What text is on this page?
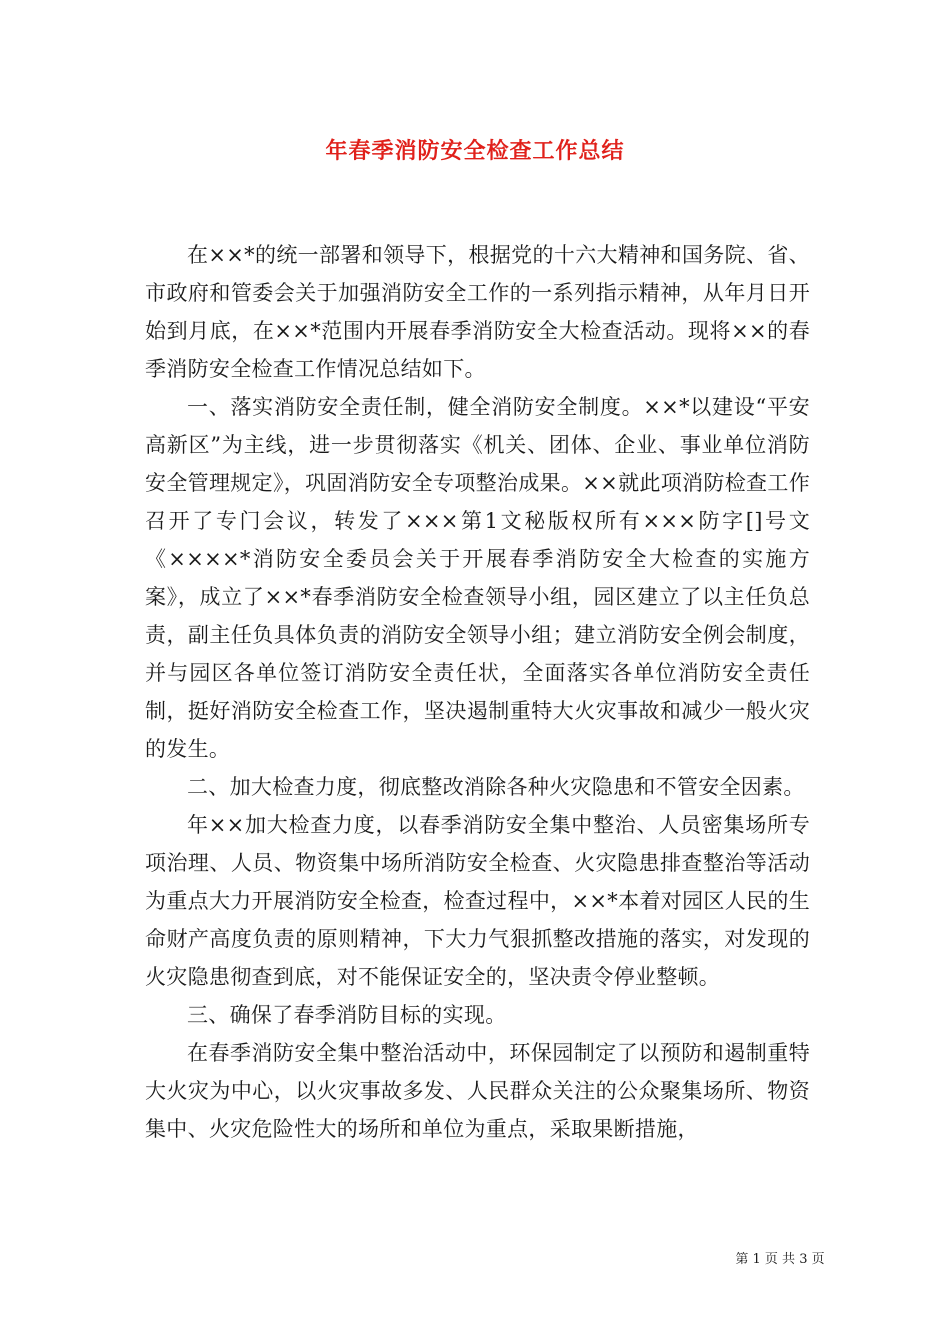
年春季消防安全检查工作总结

在××*的统一部署和领导下，根据党的十六大精神和国务院、省、市政府和管委会关于加强消防安全工作的一系列指示精神，从年月日开始到月底，在××*范围内开展春季消防安全大检查活动。现将××的春季消防安全检查工作情况总结如下。

一、落实消防安全责任制，健全消防安全制度。××*以建设“平安高新区”为主线，进一步贯彻落实《机关、团体、企业、事业单位消防安全管理规定》，巩固消防安全专项整治成果。××就此项消防检查工作召开了专门会议，转发了×××第1文秘版权所有×××防字[]号文《××××*消防安全委员会关于开展春季消防安全大检查的实施方案》，成立了××*春季消防安全检查领导小组，园区建立了以主任负总责，副主任负具体负责的消防安全领导小组；建立消防安全例会制度，并与园区各单位签订消防安全责任状，全面落实各单位消防安全责任制，挺好消防安全检查工作，坚决遏制重特大火灾事故和减少一般火灾的发生。

二、加大检查力度，彻底整改消除各种火灾隐患和不管安全因素。

年××加大检查力度，以春季消防安全集中整治、人员密集场所专项治理、人员、物资集中场所消防安全检查、火灾隐患排查整治等活动为重点大力开展消防安全检查，检查过程中，××*本着对园区人民的生命财产高度负责的原则精神，下大力气狠抓整改措施的落实，对发现的火灾隐患彻查到底，对不能保证安全的，坚决责令停业整顿。

三、确保了春季消防目标的实现。

在春季消防安全集中整治活动中，环保园制定了以预防和遏制重特大火灾为中心，以火灾事故多发、人民群众关注的公众聚集场所、物资集中、火灾危险性大的场所和单位为重点，采取果断措施，

第 1 页 共 3 页
